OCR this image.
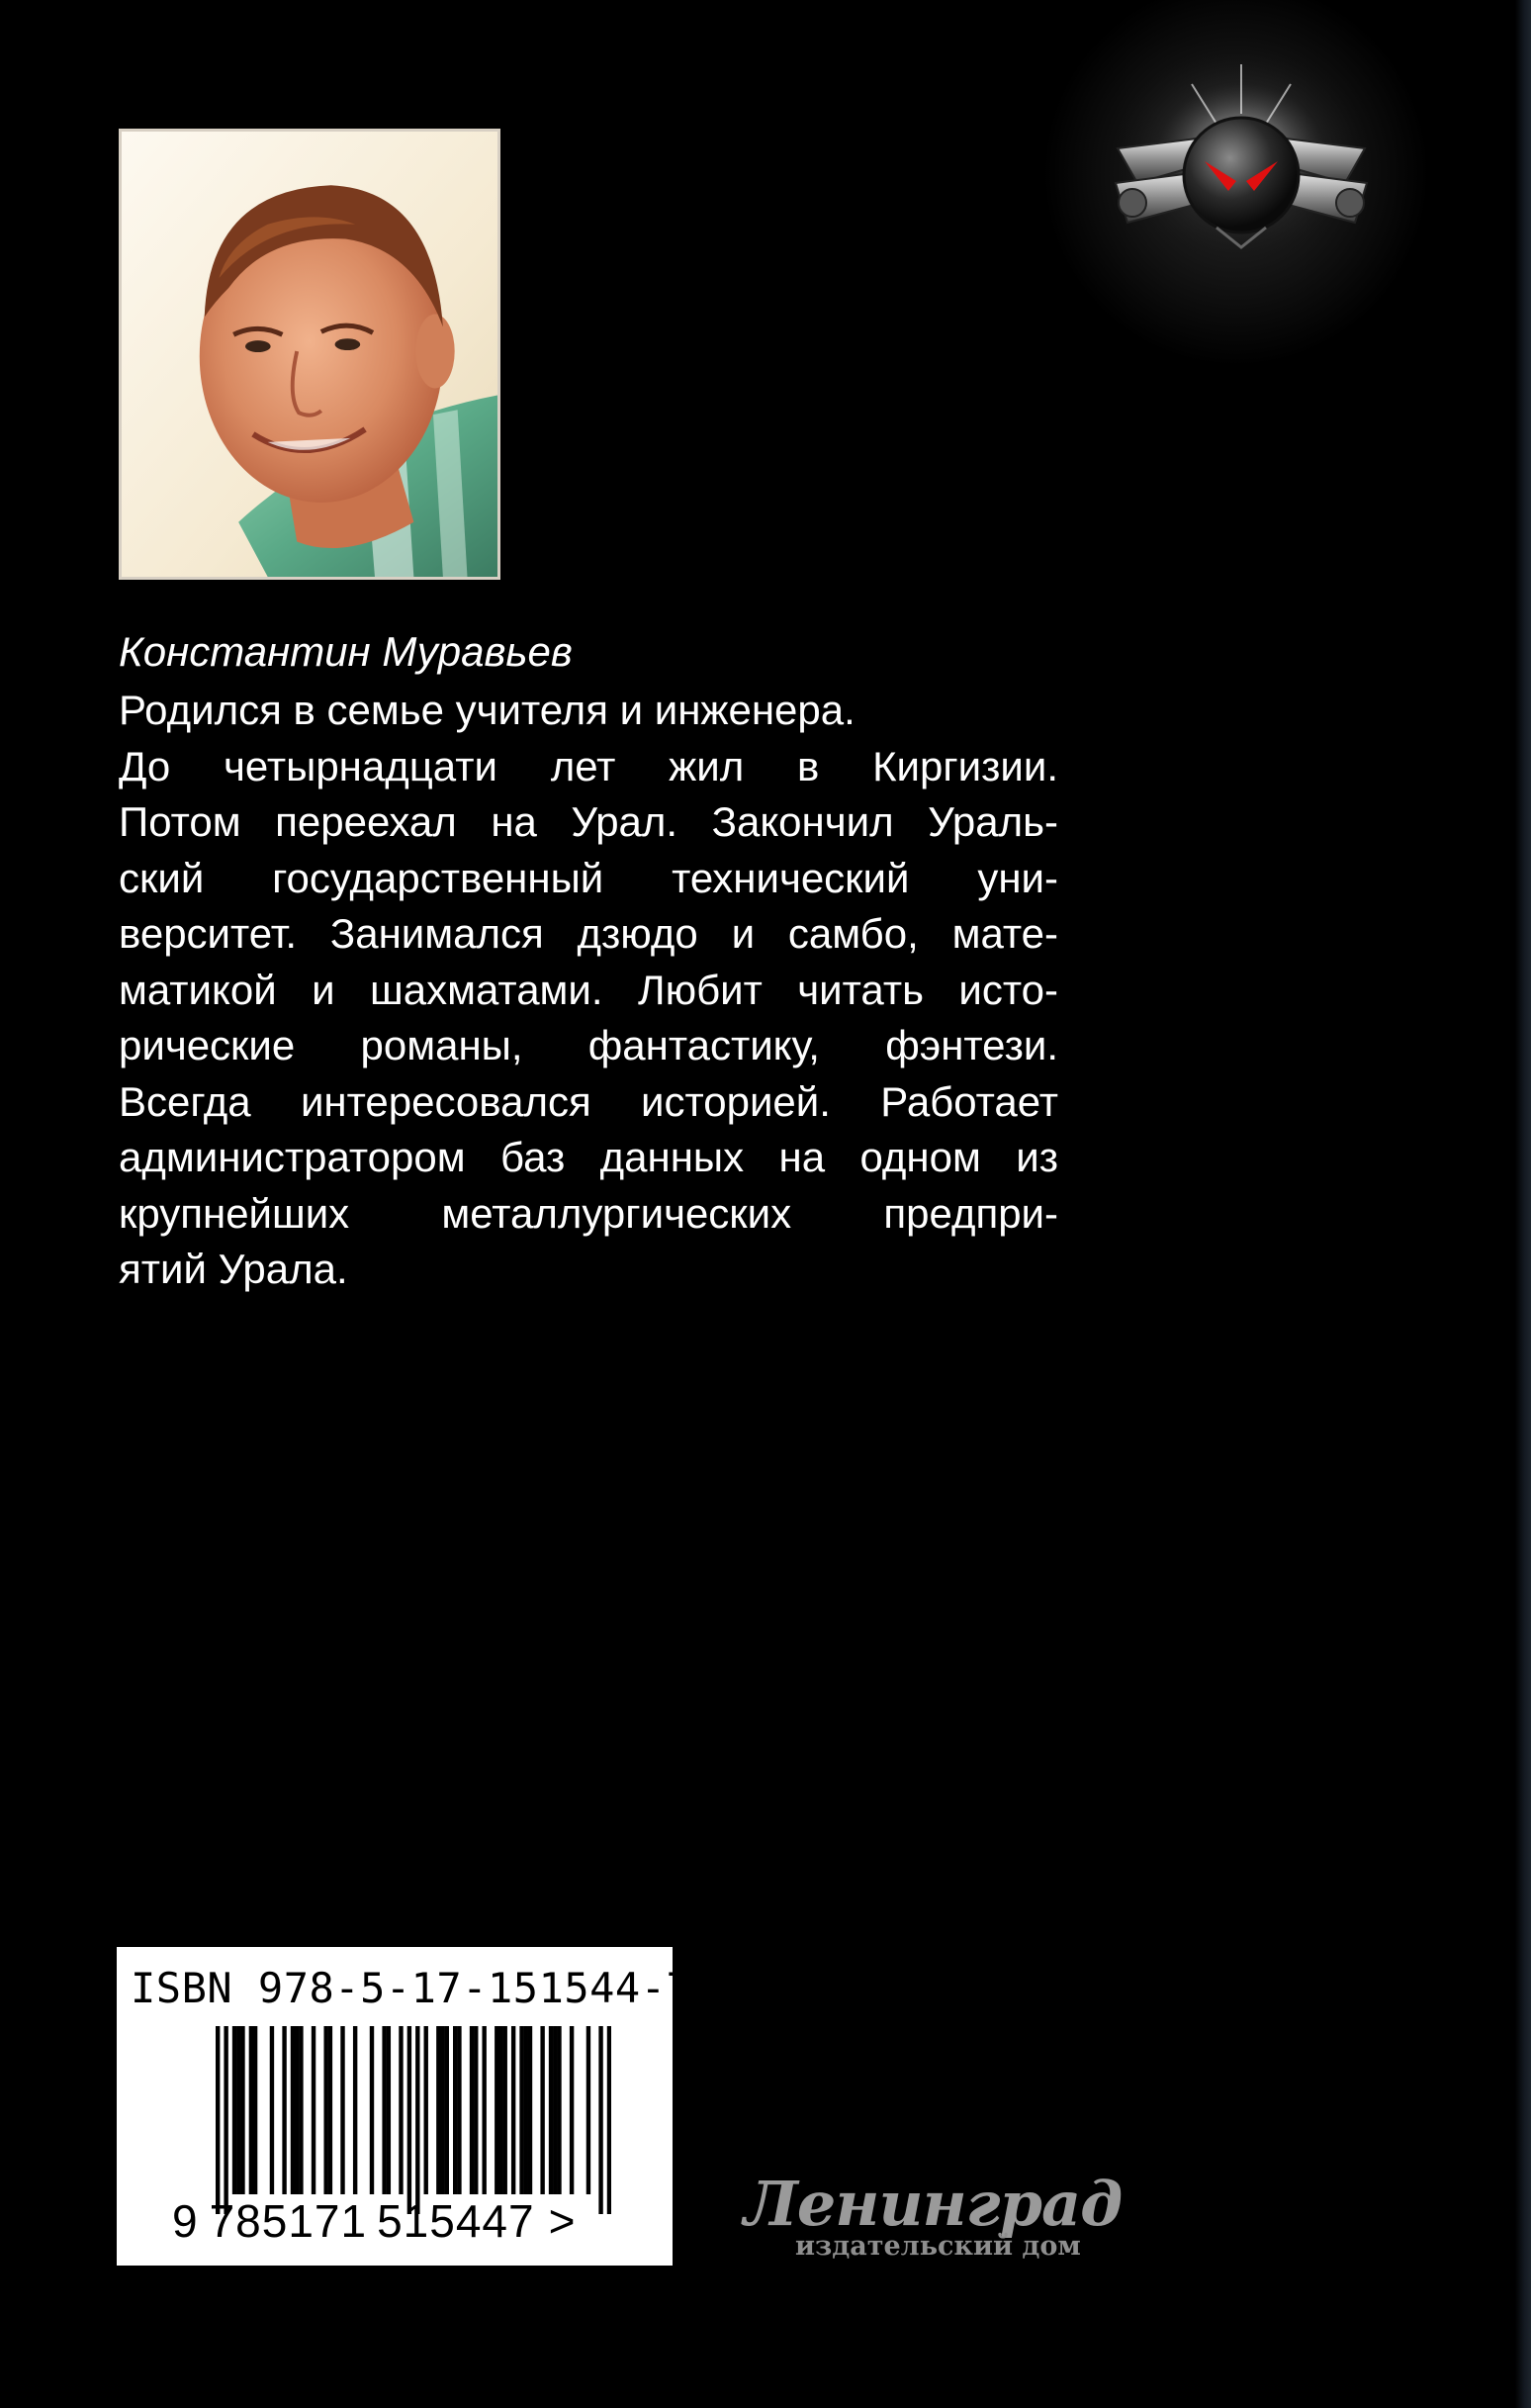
Константин Муравьев
Родился в семье учителя и инженера.
До четырнадцати лет жил в Киргизии.
Потом переехал на Урал. Закончил Ураль-
ский государственный технический уни-
верситет. Занимался дзюдо и самбо, мате-
матикой и шахматами. Любит читать исто-
рические романы, фантастику, фэнтези.
Всегда интересовался историей. Работает
администратором баз данных на одном из
крупнейших металлургических предпри-
ятий Урала.
ISBN 978-5-17-151544-7
9 785171 515447 >	Ленинград
издательский дом
